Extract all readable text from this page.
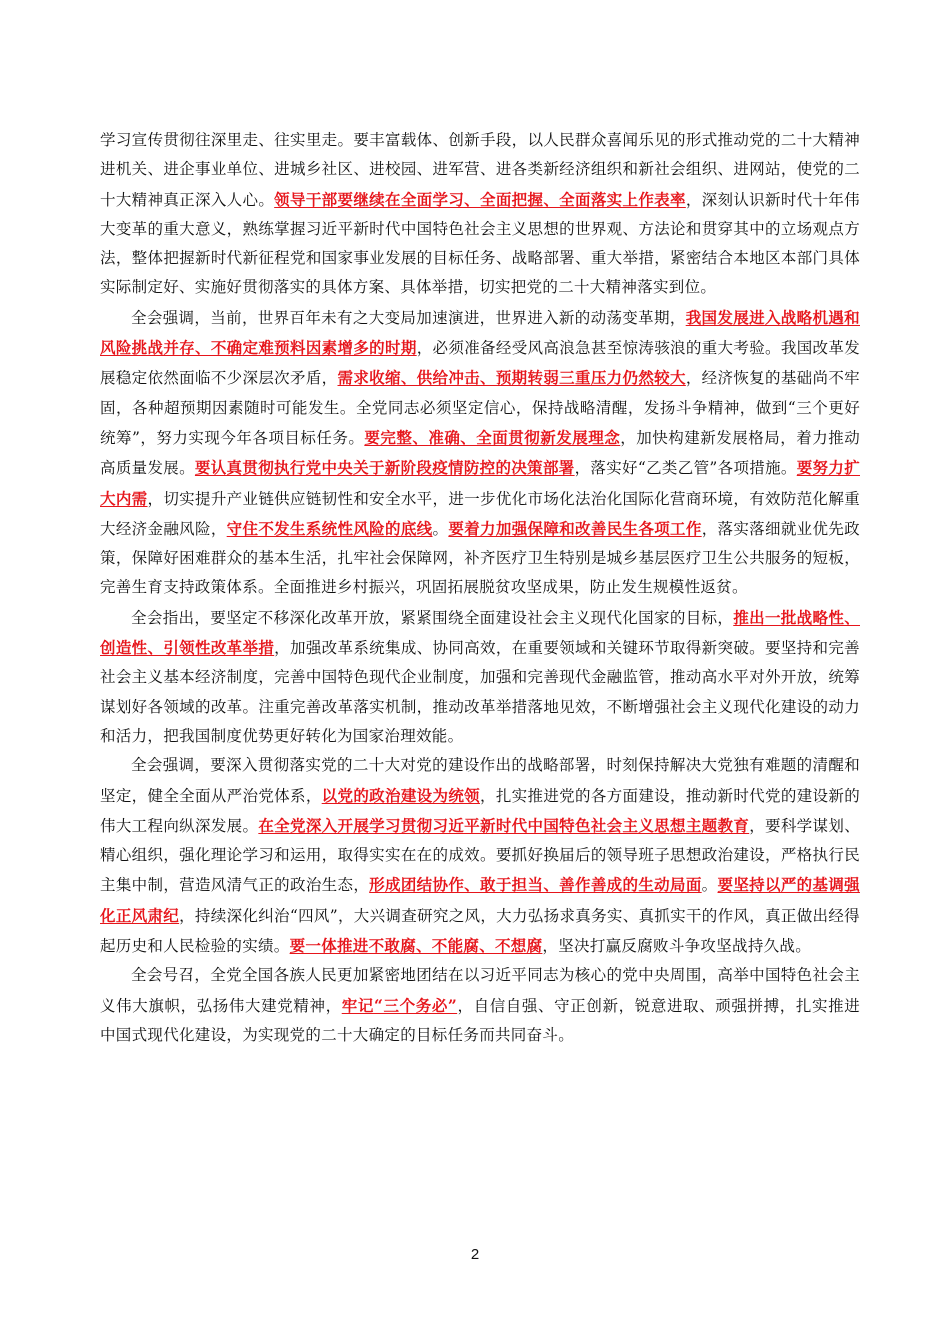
学习宣传贯彻往深里走、往实里走。要丰富载体、创新手段，以人民群众喜闻乐见的形式推动党的二十大精神进机关、进企事业单位、进城乡社区、进校园、进军营、进各类新经济组织和新社会组织、进网站，使党的二十大精神真正深入人心。领导干部要继续在全面学习、全面把握、全面落实上作表率，深刻认识新时代十年伟大变革的重大意义，熟练掌握习近平新时代中国特色社会主义思想的世界观、方法论和贯穿其中的立场观点方法，整体把握新时代新征程党和国家事业发展的目标任务、战略部署、重大举措，紧密结合本地区本部门具体实际制定好、实施好贯彻落实的具体方案、具体举措，切实把党的二十大精神落实到位。

全会强调，当前，世界百年未有之大变局加速演进，世界进入新的动荡变革期，我国发展进入战略机遇和风险挑战并存、不确定难预料因素增多的时期，必须准备经受风高浪急甚至惊涛骇浪的重大考验。我国改革发展稳定依然面临不少深层次矛盾，需求收缩、供给冲击、预期转弱三重压力仍然较大，经济恢复的基础尚不牢固，各种超预期因素随时可能发生。全党同志必须坚定信心，保持战略清醒，发扬斗争精神，做到“三个更好统筹”，努力实现今年各项目标任务。要完整、准确、全面贯彻新发展理念，加快构建新发展格局，着力推动高质量发展。要认真贯彻执行党中央关于新阶段疫情防控的决策部署，落实好“乙类乙管”各项措施。要努力扩大内需，切实提升产业链供应链韧性和安全水平，进一步优化市场化法治化国际化营商环境，有效防范化解重大经济金融风险，守住不发生系统性风险的底线。要着力加强保障和改善民生各项工作，落实落细就业优先政策，保障好困难群众的基本生活，扎牢社会保障网，补齐医疗卫生特别是城乡基层医疗卫生公共服务的短板，完善生育支持政策体系。全面推进乡村振兴，巩固拓展脱贫攻坚成果，防止发生规模性返贫。

全会指出，要坚定不移深化改革开放，紧紧围绕全面建设社会主义现代化国家的目标，推出一批战略性、创造性、引领性改革举措，加强改革系统集成、协同高效，在重要领域和关键环节取得新突破。要坚持和完善社会主义基本经济制度，完善中国特色现代企业制度，加强和完善现代金融监管，推动高水平对外开放，统筹谋划好各领域的改革。注重完善改革落实机制，推动改革举措落地见效，不断增强社会主义现代化建设的动力和活力，把我国制度优势更好转化为国家治理效能。

全会强调，要深入贯彻落实党的二十大对党的建设作出的战略部署，时刻保持解决大党独有难题的清醒和坚定，健全全面从严治党体系，以党的政治建设为统领，扎实推进党的各方面建设，推动新时代党的建设新的伟大工程向纵深发展。在全党深入开展学习贯彻习近平新时代中国特色社会主义思想主题教育，要科学谋划、精心组织，强化理论学习和运用，取得实实在在的成效。要抓好换届后的领导班子思想政治建设，严格执行民主集中制，营造风清气正的政治生态，形成团结协作、敢于担当、善作善成的生动局面。要坚持以严的基调强化正风肃纪，持续深化纠治“四风”，大兴调查研究之风，大力弘扬求真务实、真抓实干的作风，真正做出经得起历史和人民检验的实绩。要一体推进不敢腐、不能腐、不想腐，坚决打赢反腐败斗争攻坚战持久战。

全会号召，全党全国各族人民更加紧密地团结在以习近平同志为核心的党中央周围，高举中国特色社会主义伟大旗帜，弘扬伟大建党精神，牢记“三个务必”，自信自强、守正创新，锐意进取、顽强拼搏，扎实推进中国式现代化建设，为实现党的二十大确定的目标任务而共同奋斗。

2
